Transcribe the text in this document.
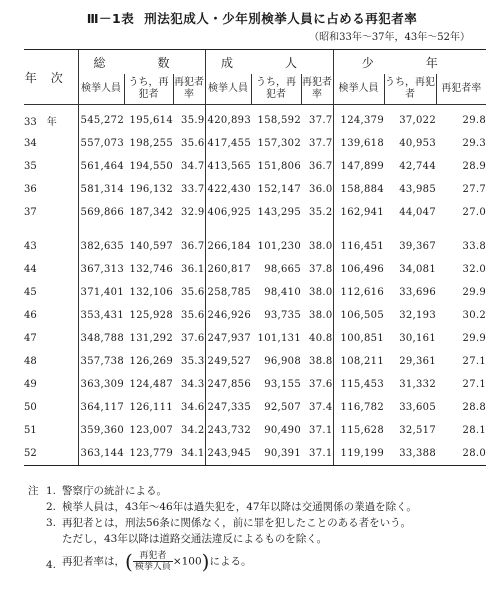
Ⅲ－1表 刑法犯成人・少年別検挙人員に占める再犯者率
（昭和33年～37年，43年～52年）
年次	総　数			成　人			少　年		
	検挙人員	うち，再犯者	再犯者率	検挙人員	うち，再犯者	再犯者率	検挙人員	うち，再犯者	再犯者率
33　年	545,272	195,614	35.9	420,893	158,592	37.7	124,379	37,022	29.8
34	557,073	198,255	35.6	417,455	157,302	37.7	139,618	40,953	29.3
35	561,464	194,550	34.7	413,565	151,806	36.7	147,899	42,744	28.9
36	581,314	196,132	33.7	422,430	152,147	36.0	158,884	43,985	27.7
37	569,866	187,342	32.9	406,925	143,295	35.2	162,941	44,047	27.0

43	382,635	140,597	36.7	266,184	101,230	38.0	116,451	39,367	33.8
44	367,313	132,746	36.1	260,817	98,665	37.8	106,496	34,081	32.0
45	371,401	132,106	35.6	258,785	98,410	38.0	112,616	33,696	29.9
46	353,431	125,928	35.6	246,926	93,735	38.0	106,505	32,193	30.2
47	348,788	131,292	37.6	247,937	101,131	40.8	100,851	30,161	29.9
48	357,738	126,269	35.3	249,527	96,908	38.8	108,211	29,361	27.1
49	363,309	124,487	34.3	247,856	93,155	37.6	115,453	31,332	27.1
50	364,117	126,111	34.6	247,335	92,507	37.4	116,782	33,605	28.8
51	359,360	123,007	34.2	243,732	90,490	37.1	115,628	32,517	28.1
52	363,144	123,779	34.1	243,945	90,391	37.1	119,199	33,388	28.0
注 1. 警察庁の統計による。
2. 検挙人員は，43年～46年は過失犯を，47年以降は交通関係の業過を除く。
3. 再犯者とは，刑法56条に関係なく，前に罪を犯したことのある者をいう。
ただし，43年以降は道路交通法違反によるものを除く。
4. 再犯者率は，( $\frac{\text{再犯者}}{\text{検挙人員}} \times 100$)による。
